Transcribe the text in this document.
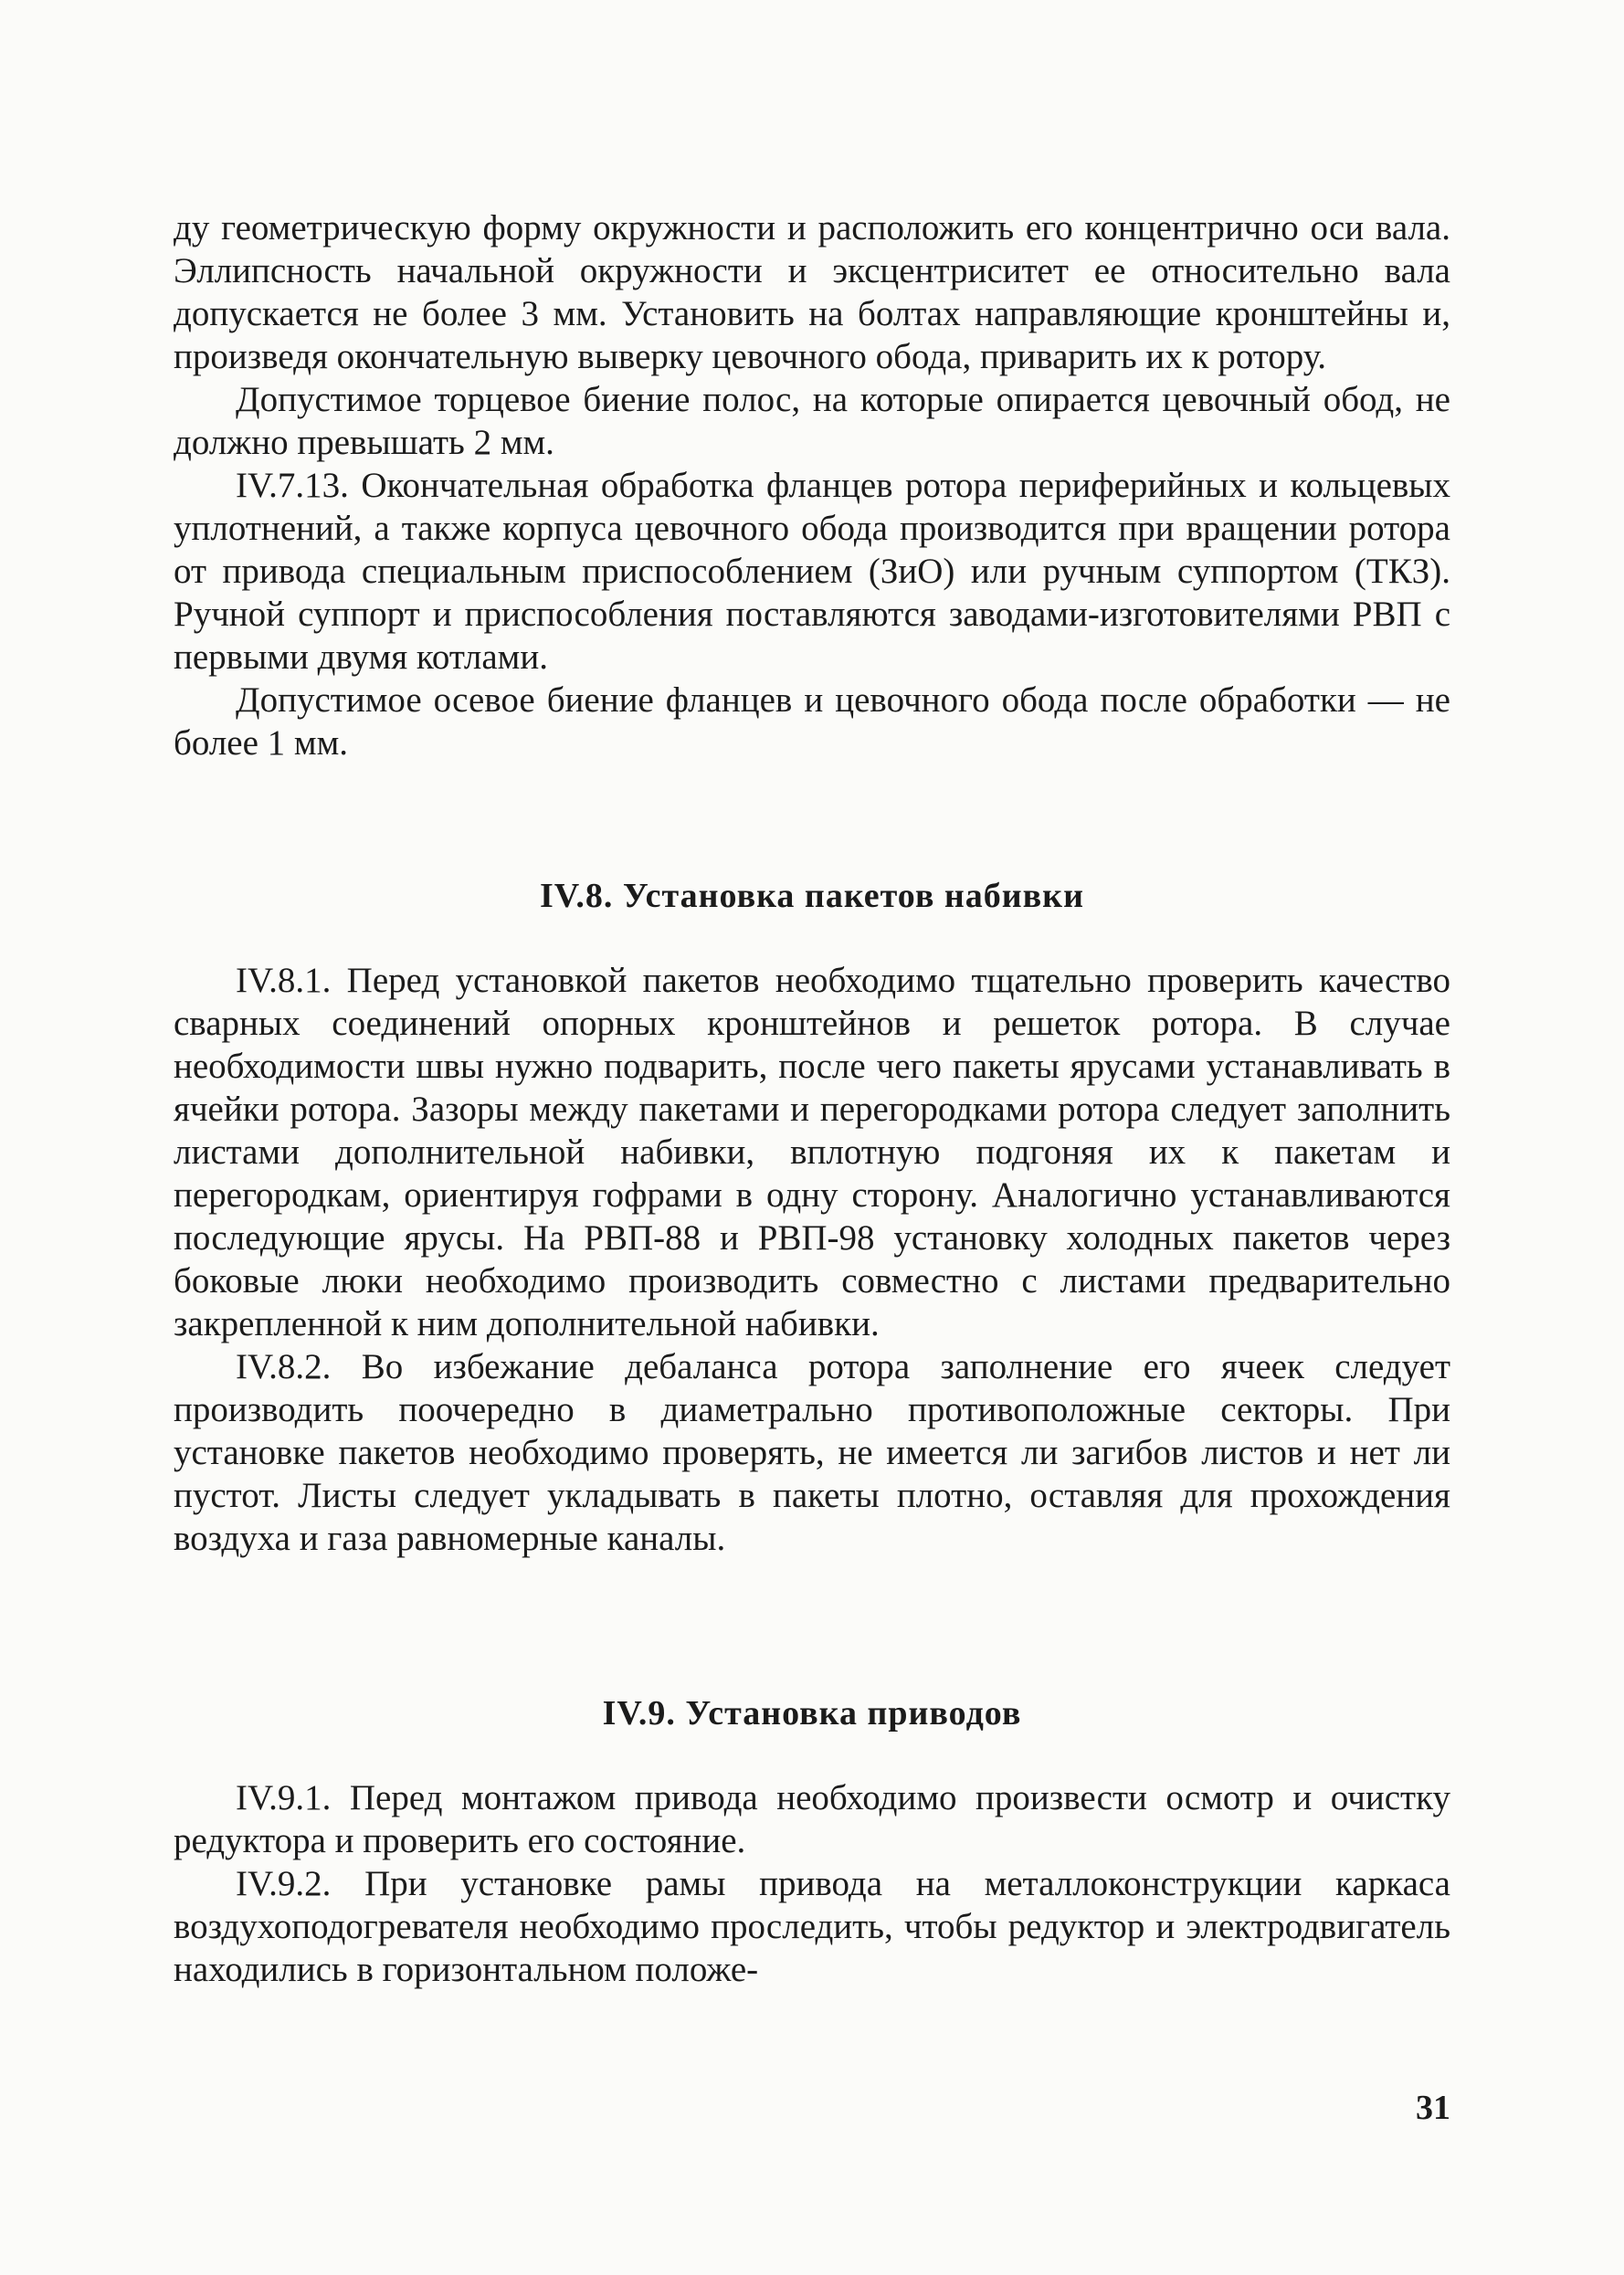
ду геометрическую форму окружности и расположить его концентрично оси вала. Эллипсность начальной окружности и эксцентриситет ее относительно вала допускается не более 3 мм. Установить на болтах направляющие кронштейны и, произведя окончательную выверку цевочного обода, приварить их к ротору.

Допустимое торцевое биение полос, на которые опирается цевочный обод, не должно превышать 2 мм.

IV.7.13. Окончательная обработка фланцев ротора периферийных и кольцевых уплотнений, а также корпуса цевочного обода производится при вращении ротора от привода специальным приспособлением (ЗиО) или ручным суппортом (ТКЗ). Ручной суппорт и приспособления поставляются заводами-изготовителями РВП с первыми двумя котлами.

Допустимое осевое биение фланцев и цевочного обода после обработки — не более 1 мм.

IV.8. Установка пакетов набивки

IV.8.1. Перед установкой пакетов необходимо тщательно проверить качество сварных соединений опорных кронштейнов и решеток ротора. В случае необходимости швы нужно подварить, после чего пакеты ярусами устанавливать в ячейки ротора. Зазоры между пакетами и перегородками ротора следует заполнить листами дополнительной набивки, вплотную подгоняя их к пакетам и перегородкам, ориентируя гофрами в одну сторону. Аналогично устанавливаются последующие ярусы. На РВП-88 и РВП-98 установку холодных пакетов через боковые люки необходимо производить совместно с листами предварительно закрепленной к ним дополнительной набивки.

IV.8.2. Во избежание дебаланса ротора заполнение его ячеек следует производить поочередно в диаметрально противоположные секторы. При установке пакетов необходимо проверять, не имеется ли загибов листов и нет ли пустот. Листы следует укладывать в пакеты плотно, оставляя для прохождения воздуха и газа равномерные каналы.

IV.9. Установка приводов

IV.9.1. Перед монтажом привода необходимо произвести осмотр и очистку редуктора и проверить его состояние.

IV.9.2. При установке рамы привода на металлоконструкции каркаса воздухоподогревателя необходимо проследить, чтобы редуктор и электродвигатель находились в горизонтальном положе-

31
